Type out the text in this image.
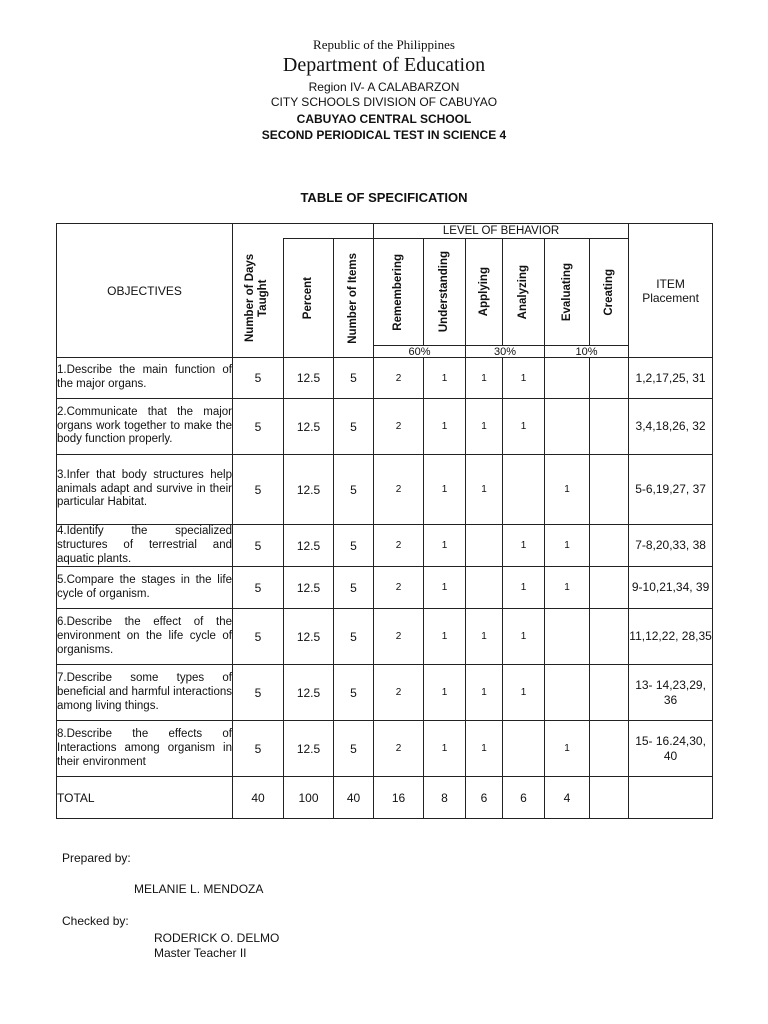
Republic of the Philippines
Department of Education
Region IV- A CALABARZON
CITY SCHOOLS DIVISION OF CABUYAO
CABUYAO CENTRAL SCHOOL
SECOND PERIODICAL TEST IN SCIENCE 4
TABLE OF SPECIFICATION
OBJECTIVES				LEVEL OF BEHAVIOR						ITEM
Placement

	Number of Days Taught	Percent	Number of Items	Remembering	Understanding	Applying	Analyzing	Evaluating	Creating	

				60%		30%		10%		
1.Describe the main function of the major organs.	5	12.5	5	2	1	1	1			1,2,17,25, 31
2.Communicate that the major organs work together to make the body function properly.	5	12.5	5	2	1	1	1			3,4,18,26, 32
3.Infer that body structures help animals adapt and survive in their particular Habitat.	5	12.5	5	2	1	1		1		5-6,19,27, 37
4.Identify the specialized structures of terrestrial and aquatic plants.	5	12.5	5	2	1		1	1		7-8,20,33, 38
5.Compare the stages in the life cycle of organism.	5	12.5	5	2	1		1	1		9-10,21,34, 39
6.Describe the effect of the environment on the life cycle of organisms.	5	12.5	5	2	1	1	1			11,12,22, 28,35
7.Describe some types of beneficial and harmful interactions among living things.	5	12.5	5	2	1	1	1			13- 14,23,29, 36
8.Describe the effects of Interactions among organism in their environment	5	12.5	5	2	1	1		1		15- 16.24,30, 40
TOTAL	40	100	40	16	8	6	6	4		
Prepared by:
MELANIE L. MENDOZA
Checked by:
RODERICK O. DELMO
Master Teacher II
